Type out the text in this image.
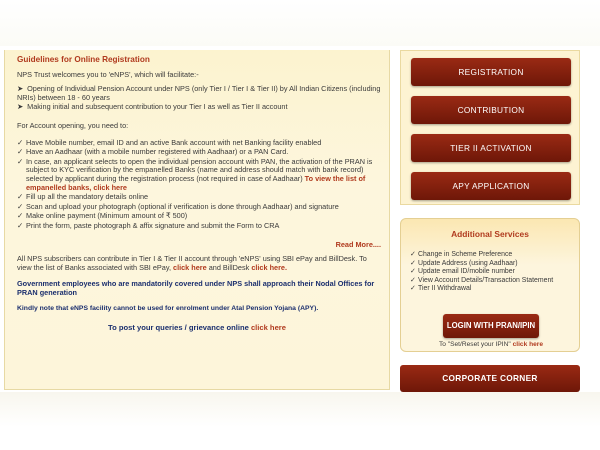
Guidelines for Online Registration

NPS Trust welcomes you to 'eNPS', which will facilitate:-

➤ Opening of Individual Pension Account under NPS (only Tier I / Tier I & Tier II) by All Indian Citizens (including NRIs) between 18 - 60 years
➤ Making initial and subsequent contribution to your Tier I as well as Tier II account

For Account opening, you need to:

✓ Have Mobile number, email ID and an active Bank account with net Banking facility enabled
✓ Have an Aadhaar (with a mobile number registered with Aadhaar) or a PAN Card.
✓ In case, an applicant selects to open the individual pension account with PAN, the activation of the PRAN is subject to KYC verification by the empanelled Banks (name and address should match with bank record) selected by applicant during the registration process (not required in case of Aadhaar) To view the list of empanelled banks, click here
✓ Fill up all the mandatory details online
✓ Scan and upload your photograph (optional if verification is done through Aadhaar) and signature
✓ Make online payment (Minimum amount of ₹ 500)
✓ Print the form, paste photograph & affix signature and submit the Form to CRA
Read More....

All NPS subscribers can contribute in Tier I & Tier II account through 'eNPS' using SBI ePay and BillDesk. To view the list of Banks associated with SBI ePay, click here and BillDesk click here.

Government employees who are mandatorily covered under NPS shall approach their Nodal Offices for PRAN generation
Kindly note that eNPS facility cannot be used for enrolment under Atal Pension Yojana (APY).
To post your queries / grievance online click here
REGISTRATION
CONTRIBUTION
TIER II ACTIVATION
APY APPLICATION
Additional Services
✓ Change in Scheme Preference
✓ Update Address (using Aadhaar)
✓ Update email ID/mobile number
✓ View Account Details/Transaction Statement
✓ Tier II Withdrawal
LOGIN WITH PRAN/IPIN
To "Set/Reset your IPIN" click here
CORPORATE CORNER
